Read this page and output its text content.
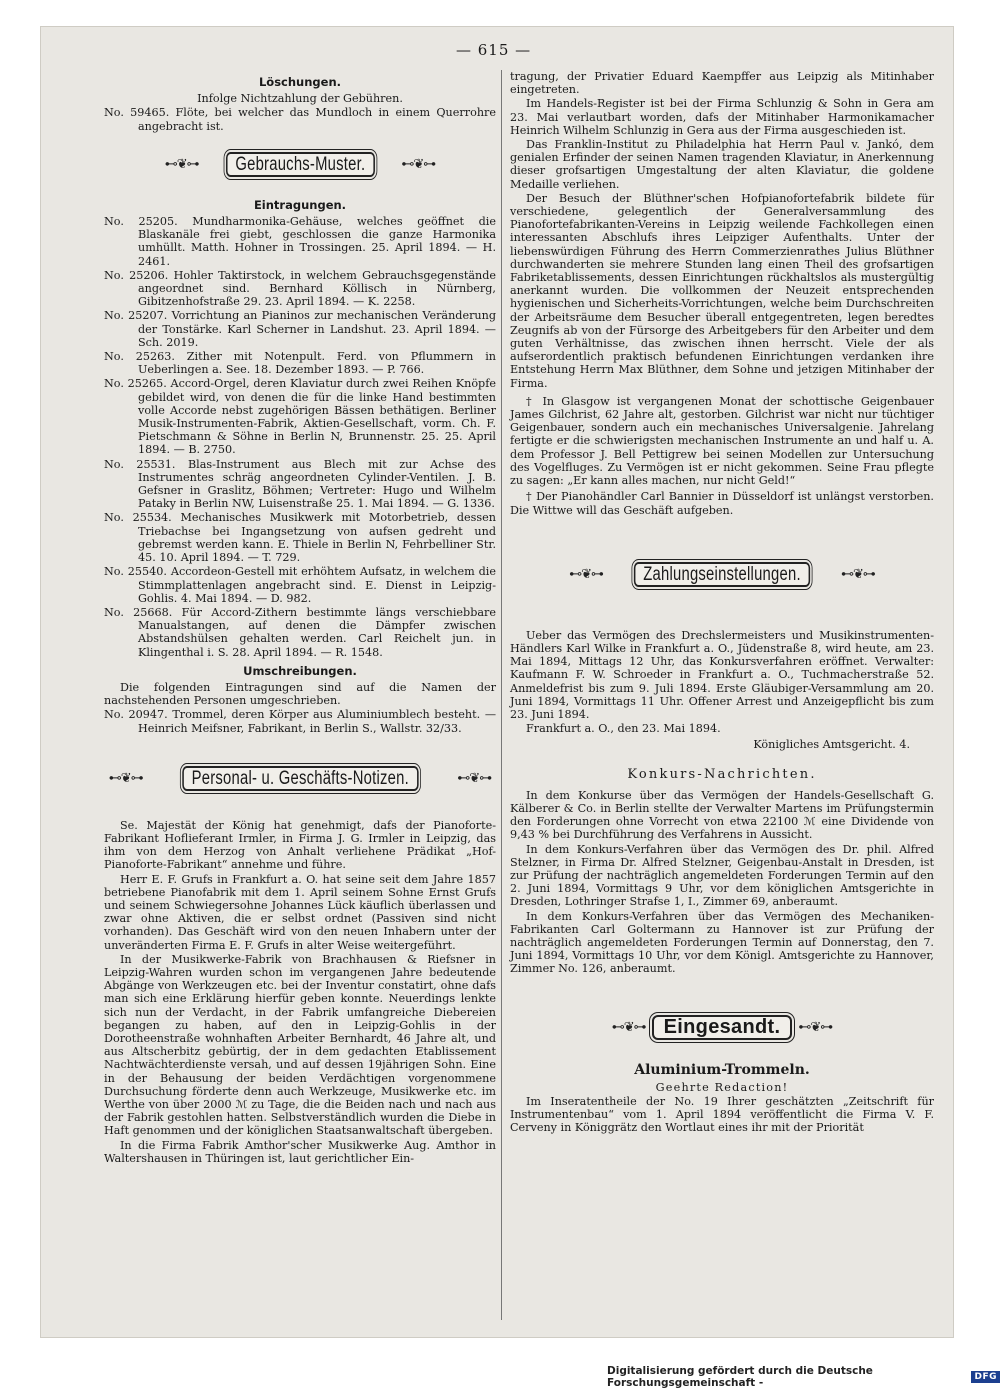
— 615 —
Löschungen.

Infolge Nichtzahlung der Gebühren.

No. 59465. Flöte, bei welcher das Mundloch in einem Querrohre angebracht ist.
⊷❦⊶	Gebrauchs-Muster.	⊷❦⊶
Eintragungen.
No. 25205. Mundharmonika-Gehäuse, welches geöffnet die Blaskanäle frei giebt, geschlossen die ganze Harmonika umhüllt. Matth. Hohner in Trossingen. 25. April 1894. — H. 2461.
No. 25206. Hohler Taktirstock, in welchem Gebrauchsgegenstände angeordnet sind. Bernhard Köllisch in Nürnberg, Gibitzenhofstraße 29. 23. April 1894. — K. 2258.
No. 25207. Vorrichtung an Pianinos zur mechanischen Veränderung der Tonstärke. Karl Scherner in Landshut. 23. April 1894. — Sch. 2019.
No. 25263. Zither mit Notenpult. Ferd. von Pflummern in Ueberlingen a. See. 18. Dezember 1893. — P. 766.
No. 25265. Accord-Orgel, deren Klaviatur durch zwei Reihen Knöpfe gebildet wird, von denen die für die linke Hand bestimmten volle Accorde nebst zugehörigen Bässen bethätigen. Berliner Musik-Instrumenten-Fabrik, Aktien-Gesellschaft, vorm. Ch. F. Pietschmann & Söhne in Berlin N, Brunnenstr. 25. 25. April 1894. — B. 2750.
No. 25531. Blas-Instrument aus Blech mit zur Achse des Instrumentes schräg angeordneten Cylinder-Ventilen. J. B. Gefsner in Graslitz, Böhmen; Vertreter: Hugo und Wilhelm Pataky in Berlin NW, Luisenstraße 25. 1. Mai 1894. — G. 1336.
No. 25534. Mechanisches Musikwerk mit Motorbetrieb, dessen Triebachse bei Ingangsetzung von aufsen gedreht und gebremst werden kann. E. Thiele in Berlin N, Fehrbelliner Str. 45. 10. April 1894. — T. 729.
No. 25540. Accordeon-Gestell mit erhöhtem Aufsatz, in welchem die Stimmplattenlagen angebracht sind. E. Dienst in Leipzig-Gohlis. 4. Mai 1894. — D. 982.
No. 25668. Für Accord-Zithern bestimmte längs verschiebbare Manualstangen, auf denen die Dämpfer zwischen Abstandshülsen gehalten werden. Carl Reichelt jun. in Klingenthal i. S. 28. April 1894. — R. 1548.
Umschreibungen.

Die folgenden Eintragungen sind auf die Namen der nachstehenden Personen umgeschrieben.

No. 20947. Trommel, deren Körper aus Aluminiumblech besteht. — Heinrich Meifsner, Fabrikant, in Berlin S., Wallstr. 32/33.
⊷❦⊶	Personal- u. Geschäfts-Notizen.	⊷❦⊶

Se. Majestät der König hat genehmigt, dafs der Pianoforte-Fabrikant Hoflieferant Irmler, in Firma J. G. Irmler in Leipzig, das ihm von dem Herzog von Anhalt verliehene Prädikat „Hof-Pianoforte-Fabrikant“ annehme und führe.

Herr E. F. Grufs in Frankfurt a. O. hat seine seit dem Jahre 1857 betriebene Pianofabrik mit dem 1. April seinem Sohne Ernst Grufs und seinem Schwiegersohne Johannes Lück käuflich überlassen und zwar ohne Aktiven, die er selbst ordnet (Passiven sind nicht vorhanden). Das Geschäft wird von den neuen Inhabern unter der unveränderten Firma E. F. Grufs in alter Weise weitergeführt.

In der Musikwerke-Fabrik von Brachhausen & Riefsner in Leipzig-Wahren wurden schon im vergangenen Jahre bedeutende Abgänge von Werkzeugen etc. bei der Inventur constatirt, ohne dafs man sich eine Erklärung hierfür geben konnte. Neuerdings lenkte sich nun der Verdacht, in der Fabrik umfangreiche Diebereien begangen zu haben, auf den in Leipzig-Gohlis in der Dorotheenstraße wohnhaften Arbeiter Bernhardt, 46 Jahre alt, und aus Altscherbitz gebürtig, der in dem gedachten Etablissement Nachtwächterdienste versah, und auf dessen 19jährigen Sohn. Eine in der Behausung der beiden Verdächtigen vorgenommene Durchsuchung förderte denn auch Werkzeuge, Musikwerke etc. im Werthe von über 2000 ℳ zu Tage, die die Beiden nach und nach aus der Fabrik gestohlen hatten. Selbstverständlich wurden die Diebe in Haft genommen und der königlichen Staatsanwaltschaft übergeben.

In die Firma Fabrik Amthor'scher Musikwerke Aug. Amthor in Waltershausen in Thüringen ist, laut gerichtlicher Ein-

tragung, der Privatier Eduard Kaempffer aus Leipzig als Mitinhaber eingetreten.

Im Handels-Register ist bei der Firma Schlunzig & Sohn in Gera am 23. Mai verlautbart worden, dafs der Mitinhaber Harmonikamacher Heinrich Wilhelm Schlunzig in Gera aus der Firma ausgeschieden ist.

Das Franklin-Institut zu Philadelphia hat Herrn Paul v. Jankó, dem genialen Erfinder der seinen Namen tragenden Klaviatur, in Anerkennung dieser grofsartigen Umgestaltung der alten Klaviatur, die goldene Medaille verliehen.

Der Besuch der Blüthner'schen Hofpianofortefabrik bildete für verschiedene, gelegentlich der Generalversammlung des Pianofortefabrikanten-Vereins in Leipzig weilende Fachkollegen einen interessanten Abschlufs ihres Leipziger Aufenthalts. Unter der liebenswürdigen Führung des Herrn Commerzienrathes Julius Blüthner durchwanderten sie mehrere Stunden lang einen Theil des grofsartigen Fabriketablissements, dessen Einrichtungen rückhaltslos als mustergültig anerkannt wurden. Die vollkommen der Neuzeit entsprechenden hygienischen und Sicherheits-Vorrichtungen, welche beim Durchschreiten der Arbeitsräume dem Besucher überall entgegentreten, legen beredtes Zeugnifs ab von der Fürsorge des Arbeitgebers für den Arbeiter und dem guten Verhältnisse, das zwischen ihnen herrscht. Viele der als aufserordentlich praktisch befundenen Einrichtungen verdanken ihre Entstehung Herrn Max Blüthner, dem Sohne und jetzigen Mitinhaber der Firma.

† In Glasgow ist vergangenen Monat der schottische Geigenbauer James Gilchrist, 62 Jahre alt, gestorben. Gilchrist war nicht nur tüchtiger Geigenbauer, sondern auch ein mechanisches Universalgenie. Jahrelang fertigte er die schwierigsten mechanischen Instrumente an und half u. A. dem Professor J. Bell Pettigrew bei seinen Modellen zur Untersuchung des Vogelfluges. Zu Vermögen ist er nicht gekommen. Seine Frau pflegte zu sagen: „Er kann alles machen, nur nicht Geld!“

† Der Pianohändler Carl Bannier in Düsseldorf ist unlängst verstorben. Die Wittwe will das Geschäft aufgeben.

⊷❦⊶	Zahlungseinstellungen.	⊷❦⊶

Ueber das Vermögen des Drechslermeisters und Musikinstrumenten-Händlers Karl Wilke in Frankfurt a. O., Jüdenstraße 8, wird heute, am 23. Mai 1894, Mittags 12 Uhr, das Konkursverfahren eröffnet. Verwalter: Kaufmann F. W. Schroeder in Frankfurt a. O., Tuchmacherstraße 52. Anmeldefrist bis zum 9. Juli 1894. Erste Gläubiger-Versammlung am 20. Juni 1894, Vormittags 11 Uhr. Offener Arrest und Anzeigepflicht bis zum 23. Juni 1894.

Frankfurt a. O., den 23. Mai 1894.

Königliches Amtsgericht. 4.

Konkurs-Nachrichten.

In dem Konkurse über das Vermögen der Handels-Gesellschaft G. Kälberer & Co. in Berlin stellte der Verwalter Martens im Prüfungstermin den Forderungen ohne Vorrecht von etwa 22100 ℳ eine Dividende von 9,43 % bei Durchführung des Verfahrens in Aussicht.

In dem Konkurs-Verfahren über das Vermögen des Dr. phil. Alfred Stelzner, in Firma Dr. Alfred Stelzner, Geigenbau-Anstalt in Dresden, ist zur Prüfung der nachträglich angemeldeten Forderungen Termin auf den 2. Juni 1894, Vormittags 9 Uhr, vor dem königlichen Amtsgerichte in Dresden, Lothringer Strafse 1, I., Zimmer 69, anberaumt.

In dem Konkurs-Verfahren über das Vermögen des Mechaniken-Fabrikanten Carl Goltermann zu Hannover ist zur Prüfung der nachträglich angemeldeten Forderungen Termin auf Donnerstag, den 7. Juni 1894, Vormittags 10 Uhr, vor dem Königl. Amtsgerichte zu Hannover, Zimmer No. 126, anberaumt.

⊷❦⊶ Eingesandt.	⊷❦⊶
Aluminium-Trommeln.

Geehrte Redaction!

Im Inseratentheile der No. 19 Ihrer geschätzten „Zeitschrift für Instrumentenbau“ vom 1. April 1894 veröffentlicht die Firma V. F. Cerveny in Königgrätz den Wortlaut eines ihr mit der Priorität

Digitalisierung gefördert durch die Deutsche Forschungsgemeinschaft -	DFG
